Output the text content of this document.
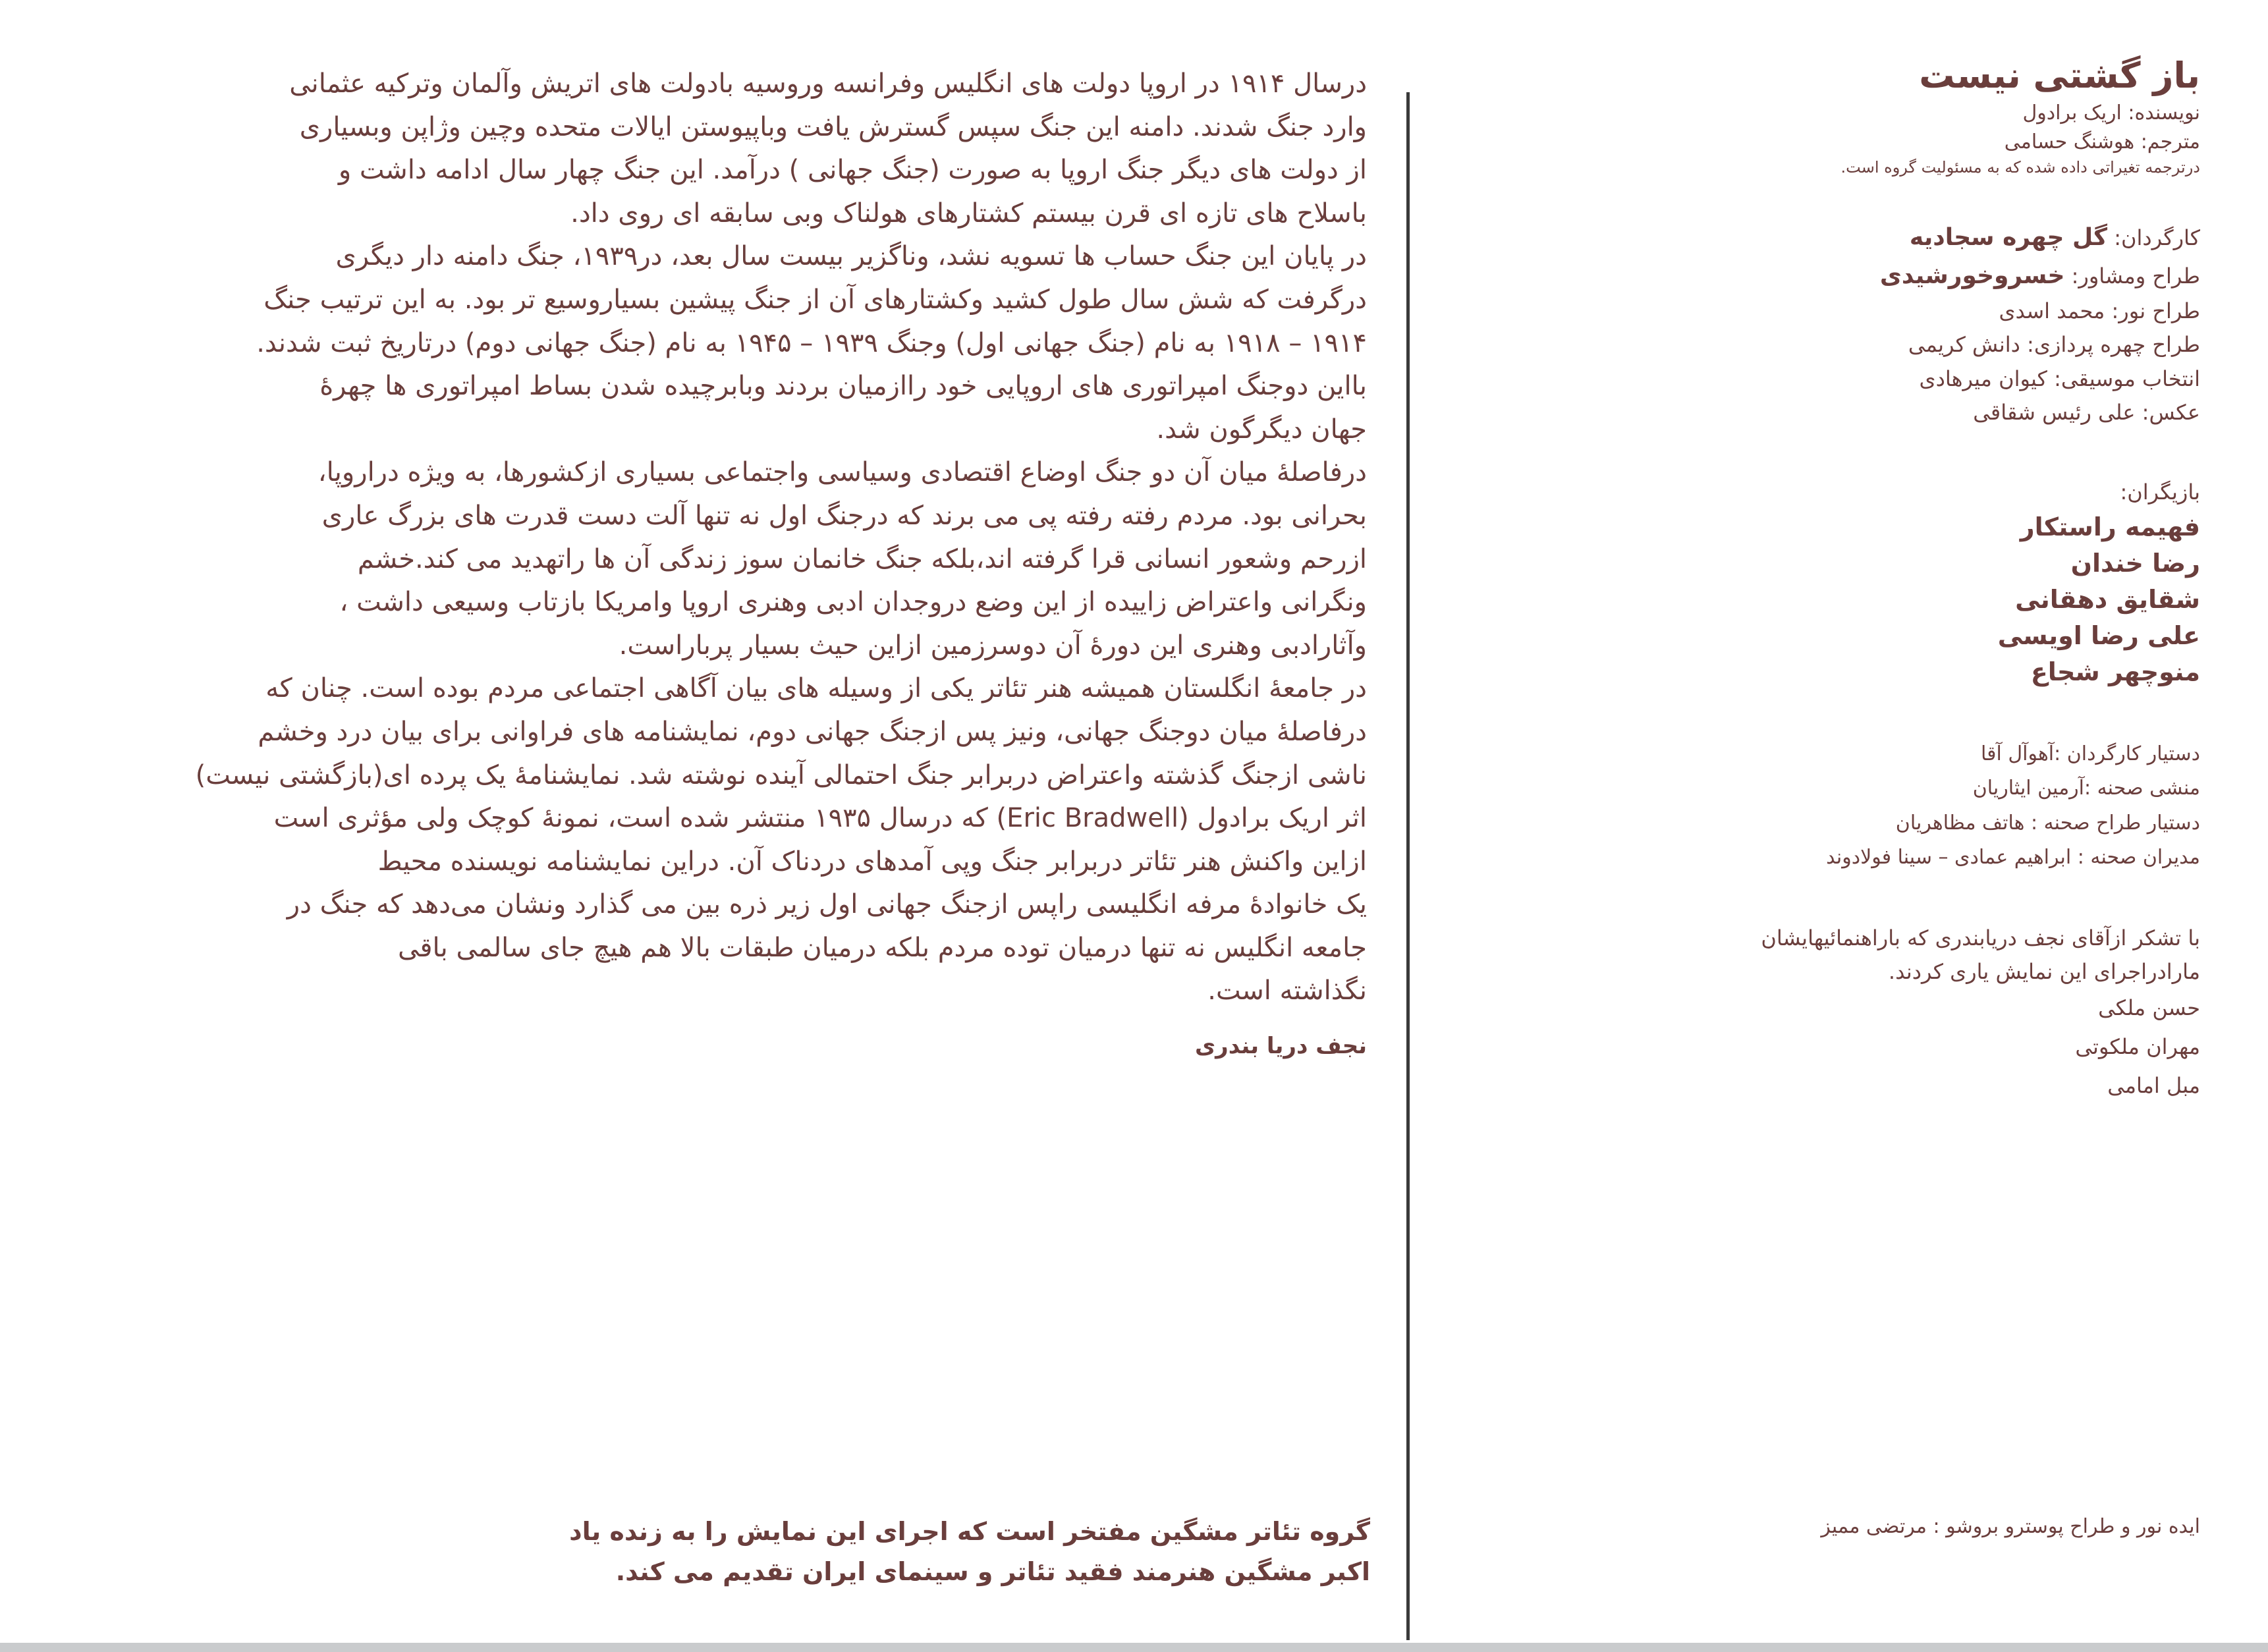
باز گشتی نیست

نویسنده: اریک برادول

مترجم: هوشنگ حسامی

درترجمه تغیراتی داده شده که به مسئولیت گروه است.

کارگردان: گل چهره سجادیه

طراح ومشاور: خسروخورشیدی

طراح نور: محمد اسدی

طراح چهره پردازی: دانش کریمی

انتخاب موسیقی: کیوان میرهادی

عکس: علی رئیس شقاقی

بازیگران:

فهیمه راستکار

رضا خندان

شقایق دهقانی

علی رضا اویسی

منوچهر شجاع

دستیار کارگردان :آهوآل آقا

منشی صحنه :آرمین ایثاریان

دستیار طراح صحنه : هاتف مظاهریان

مدیران صحنه : ابراهیم عمادی – سینا فولادوند

با تشکر ازآقای نجف دریابندری که باراهنمائیهایشان

مارادراجرای این نمایش یاری کردند.

حسن ملکی

مهران ملکوتی

مبل امامی

ایده نور و طراح پوسترو بروشو : مرتضی ممیز

درسال ۱۹۱۴ در اروپا دولت های انگلیس وفرانسه وروسیه بادولت های اتریش وآلمان وترکیه عثمانی

وارد جنگ شدند. دامنه این جنگ سپس گسترش یافت وباپیوستن ایالات متحده وچین وژاپن وبسیاری

از دولت های دیگر جنگ اروپا به صورت (جنگ جهانی ) درآمد. این جنگ چهار سال ادامه داشت و

باسلاح های تازه ای قرن بیستم کشتارهای هولناک وبی سابقه ای روی داد.

در پایان این جنگ حساب ها تسویه نشد، وناگزیر بیست سال بعد، در۱۹۳۹، جنگ دامنه دار دیگری

درگرفت که شش سال طول کشید وکشتارهای آن از جنگ پیشین بسیاروسیع تر بود. به این ترتیب جنگ

۱۹۱۴ – ۱۹۱۸ به نام (جنگ جهانی اول) وجنگ ۱۹۳۹ – ۱۹۴۵ به نام (جنگ جهانی دوم) درتاریخ ثبت شدند.

بااین دوجنگ امپراتوری های اروپایی خود راازمیان بردند وبابرچیده شدن بساط امپراتوری ها چهرهٔ

جهان دیگرگون شد.

درفاصلهٔ میان آن دو جنگ اوضاع اقتصادی وسیاسی واجتماعی بسیاری ازکشورها، به ویژه دراروپا،

بحرانی بود. مردم رفته رفته پی می برند که درجنگ اول نه تنها آلت دست قدرت های بزرگ عاری

ازرحم وشعور انسانی قرا گرفته اند،بلکه جنگ خانمان سوز زندگی آن ها راتهدید می کند.خشم

ونگرانی واعتراض زاییده از این وضع دروجدان ادبی وهنری اروپا وامریکا بازتاب وسیعی داشت ،

وآثارادبی وهنری این دورهٔ آن دوسرزمین ازاین حیث بسیار پرباراست.

در جامعهٔ انگلستان همیشه هنر تئاتر یکی از وسیله های بیان آگاهی اجتماعی مردم بوده است. چنان که

درفاصلهٔ میان دوجنگ جهانی، ونیز پس ازجنگ جهانی دوم، نمایشنامه های فراوانی برای بیان درد وخشم

ناشی ازجنگ گذشته واعتراض دربرابر جنگ احتمالی آینده نوشته شد. نمایشنامهٔ یک پرده ای(بازگشتی نیست)

اثر اریک برادول (Eric Bradwell) که درسال ۱۹۳۵ منتشر شده است، نمونهٔ کوچک ولی مؤثری است

ازاین واکنش هنر تئاتر دربرابر جنگ وپی آمدهای دردناک آن. دراین نمایشنامه نویسنده محیط

یک خانوادهٔ مرفه انگلیسی راپس ازجنگ جهانی اول زیر ذره بین می گذارد ونشان می‌دهد که جنگ در

جامعه انگلیس نه تنها درمیان توده مردم بلکه درمیان طبقات بالا هم هیچ جای سالمی باقی

نگذاشته است.

نجف دریا بندری

گروه تئاتر مشگین مفتخر است که اجرای این نمایش را به زنده یاد

اکبر مشگین هنرمند فقید تئاتر و سینمای ایران تقدیم می کند.
